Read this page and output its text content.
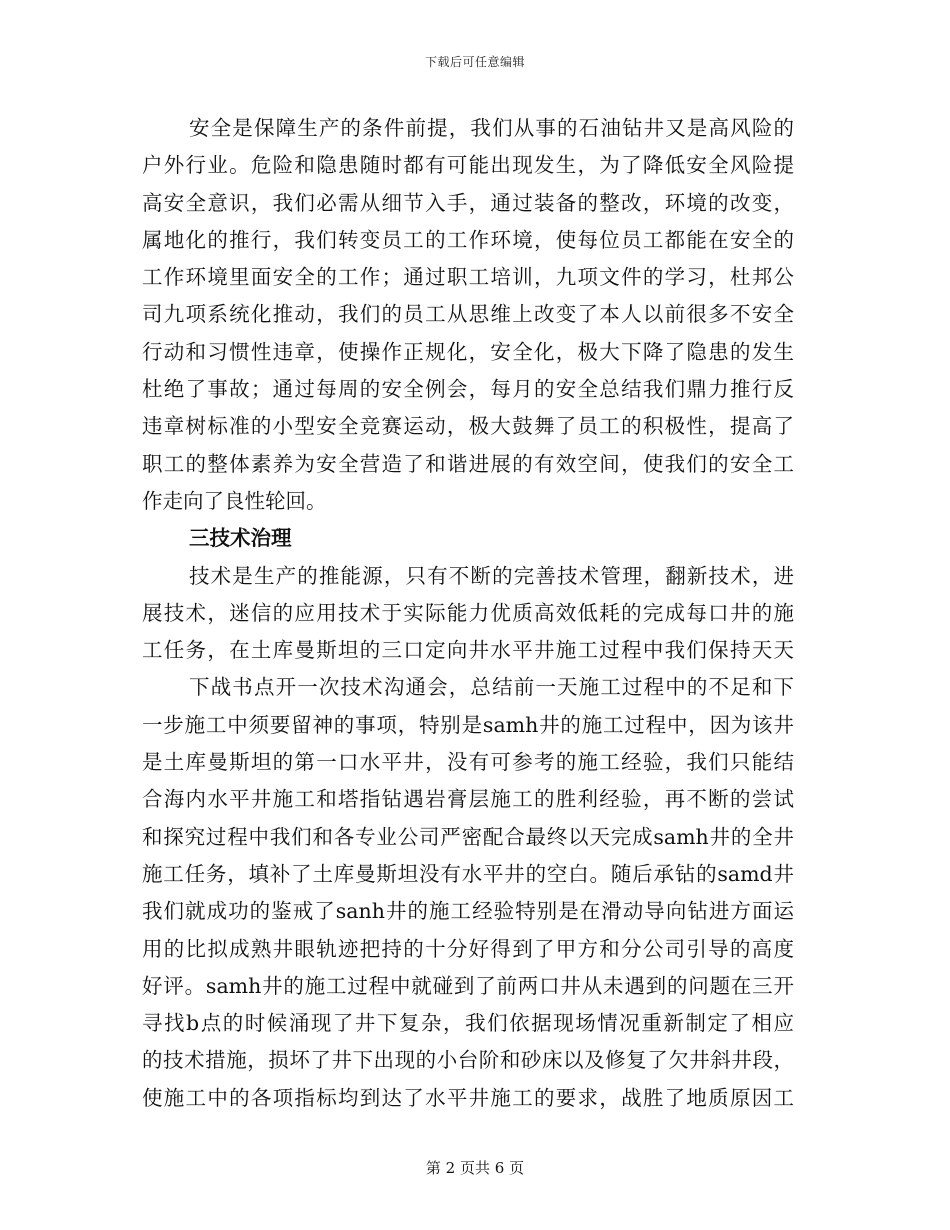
下载后可任意编辑
安全是保障生产的条件前提，我们从事的石油钻井又是高风险的
户外行业。危险和隐患随时都有可能出现发生，为了降低安全风险提
高安全意识，我们必需从细节入手，通过装备的整改，环境的改变，
属地化的推行，我们转变员工的工作环境，使每位员工都能在安全的
工作环境里面安全的工作；通过职工培训，九项文件的学习，杜邦公
司九项系统化推动，我们的员工从思维上改变了本人以前很多不安全
行动和习惯性违章，使操作正规化，安全化，极大下降了隐患的发生
杜绝了事故；通过每周的安全例会，每月的安全总结我们鼎力推行反
违章树标准的小型安全竞赛运动，极大鼓舞了员工的积极性，提高了
职工的整体素养为安全营造了和谐进展的有效空间，使我们的安全工
作走向了良性轮回。
三技术治理
技术是生产的推能源，只有不断的完善技术管理，翻新技术，进
展技术，迷信的应用技术于实际能力优质高效低耗的完成每口井的施
工任务，在土库曼斯坦的三口定向井水平井施工过程中我们保持天天
下战书点开一次技术沟通会，总结前一天施工过程中的不足和下
一步施工中须要留神的事项，特别是samh井的施工过程中，因为该井
是土库曼斯坦的第一口水平井，没有可参考的施工经验，我们只能结
合海内水平井施工和塔指钻遇岩膏层施工的胜利经验，再不断的尝试
和探究过程中我们和各专业公司严密配合最终以天完成samh井的全井
施工任务，填补了土库曼斯坦没有水平井的空白。随后承钻的samd井
我们就成功的鉴戒了sanh井的施工经验特别是在滑动导向钻进方面运
用的比拟成熟井眼轨迹把持的十分好得到了甲方和分公司引导的高度
好评。samh井的施工过程中就碰到了前两口井从未遇到的问题在三开
寻找b点的时候涌现了井下复杂，我们依据现场情况重新制定了相应
的技术措施，损坏了井下出现的小台阶和砂床以及修复了欠井斜井段，
使施工中的各项指标均到达了水平井施工的要求，战胜了地质原因工
第 2 页共 6 页
